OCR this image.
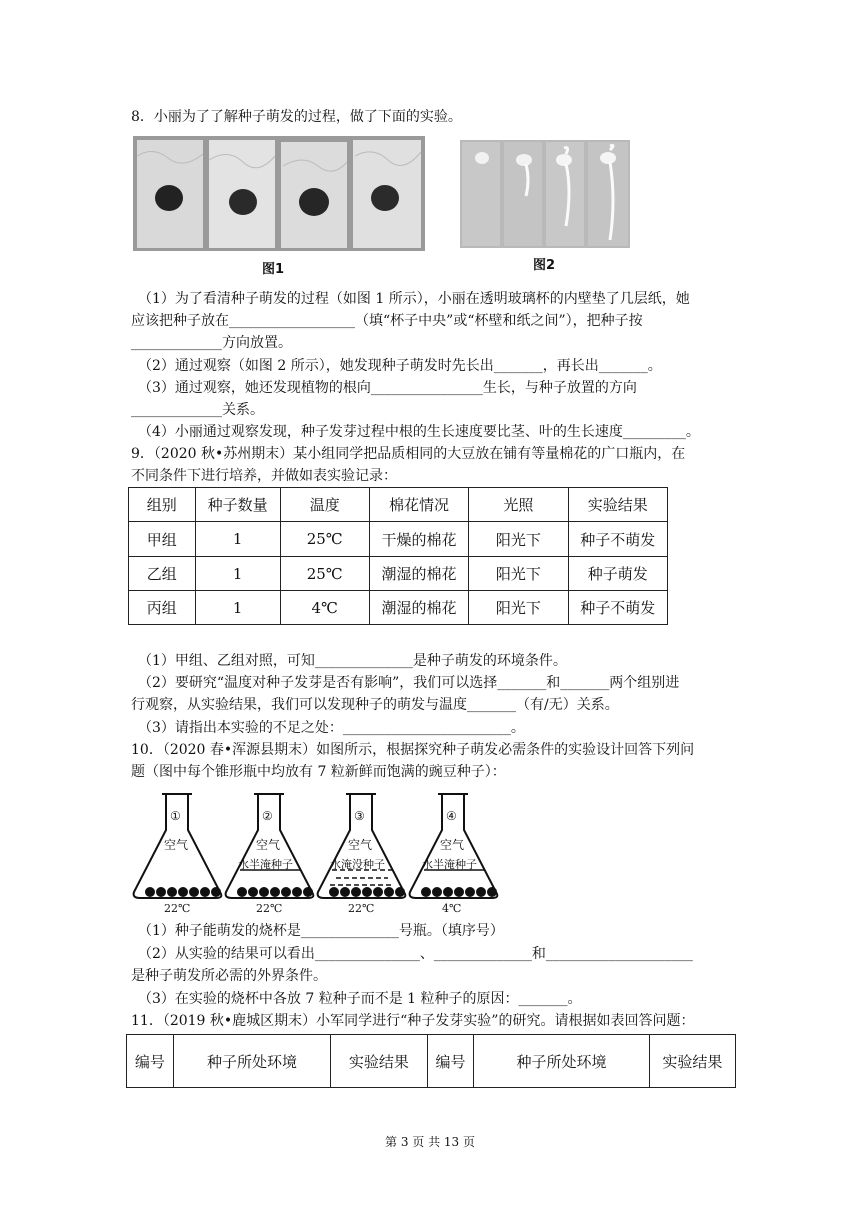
8．小丽为了了解种子萌发的过程，做了下面的实验。
图1	图2
（1）为了看清种子萌发的过程（如图 1 所示），小丽在透明玻璃杯的内壁垫了几层纸，她
应该把种子放在__________________（填“杯子中央”或“杯壁和纸之间”），把种子按
_____________方向放置。
（2）通过观察（如图 2 所示），她发现种子萌发时先长出_______，再长出_______。
（3）通过观察，她还发现植物的根向________________生长，与种子放置的方向
_____________关系。
（4）小丽通过观察发现，种子发芽过程中根的生长速度要比茎、叶的生长速度_________。
9．（2020 秋•苏州期末）某小组同学把品质相同的大豆放在铺有等量棉花的广口瓶内，在
不同条件下进行培养，并做如表实验记录：
组别	种子数量	温度	棉花情况	光照	实验结果
甲组	1	25℃	干燥的棉花	阳光下	种子不萌发
乙组	1	25℃	潮湿的棉花	阳光下	种子萌发
丙组	1	4℃	潮湿的棉花	阳光下	种子不萌发
（1）甲组、乙组对照，可知______________是种子萌发的环境条件。
（2）要研究“温度对种子发芽是否有影响”，我们可以选择_______和_______两个组别进
行观察，从实验结果，我们可以发现种子的萌发与温度_______（有/无）关系。
（3）请指出本实验的不足之处：________________________。
10．（2020 春•浑源县期末）如图所示，根据探究种子萌发必需条件的实验设计回答下列问
题（图中每个锥形瓶中均放有 7 粒新鲜而饱满的豌豆种子）：
①	②	③	④
空气	空气	空气	空气
水半淹种子	水淹没种子	水半淹种子
22℃	22℃	22℃	4℃
（1）种子能萌发的烧杯是______________号瓶。（填序号）
（2）从实验的结果可以看出_______________、______________和_____________________
是种子萌发所必需的外界条件。
（3）在实验的烧杯中各放 7 粒种子而不是 1 粒种子的原因：_______。
11．（2019 秋•鹿城区期末）小军同学进行“种子发芽实验”的研究。请根据如表回答问题：
编号	种子所处环境	实验结果	编号	种子所处环境	实验结果
第 3 页 共 13 页
